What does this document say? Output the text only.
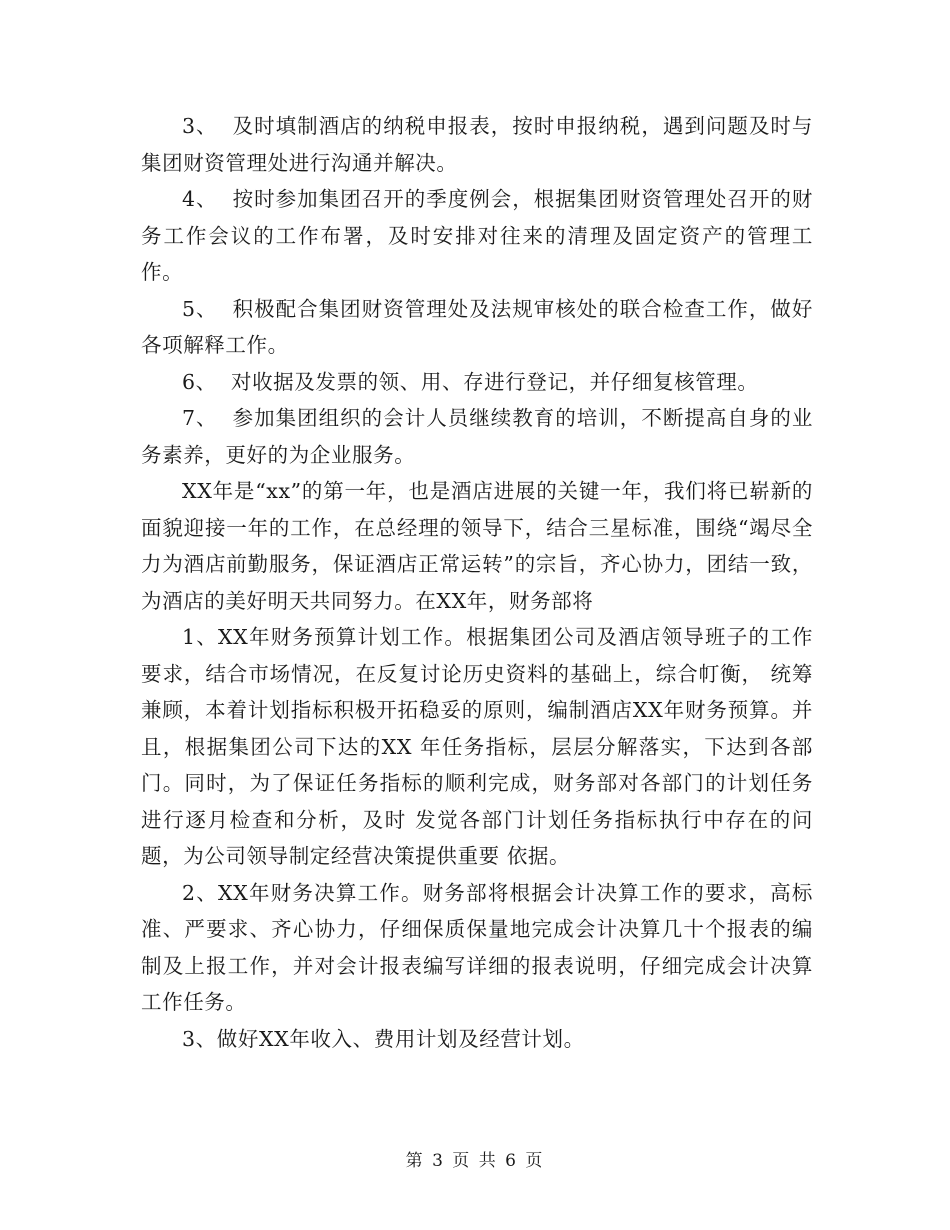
3、  及时填制酒店的纳税申报表，按时申报纳税，遇到问题及时与集团财资管理处进行沟通并解决。

4、  按时参加集团召开的季度例会，根据集团财资管理处召开的财务工作会议的工作布署，及时安排对往来的清理及固定资产的管理工作。

5、  积极配合集团财资管理处及法规审核处的联合检查工作，做好各项解释工作。

6、  对收据及发票的领、用、存进行登记，并仔细复核管理。

7、  参加集团组织的会计人员继续教育的培训，不断提高自身的业务素养，更好的为企业服务。

XX年是“xx”的第一年，也是酒店进展的关键一年，我们将已崭新的面貌迎接一年的工作，在总经理的领导下，结合三星标准，围绕“竭尽全力为酒店前勤服务，保证酒店正常运转”的宗旨，齐心协力，团结一致，为酒店的美好明天共同努力。在XX年，财务部将

1、XX年财务预算计划工作。根据集团公司及酒店领导班子的工作要求，结合市场情况，在反复讨论历史资料的基础上，综合帄衡， 统筹兼顾，本着计划指标积极开拓稳妥的原则，编制酒店XX年财务预算。并且，根据集团公司下达的XX 年任务指标，层层分解落实，下达到各部门。同时，为了保证任务指标的顺利完成，财务部对各部门的计划任务进行逐月检查和分析，及时 发觉各部门计划任务指标执行中存在的问题，为公司领导制定经营决策提供重要 依据。

2、XX年财务决算工作。财务部将根据会计决算工作的要求，高标准、严要求、齐心协力，仔细保质保量地完成会计决算几十个报表的编制及上报工作，并对会计报表编写详细的报表说明，仔细完成会计决算工作任务。

3、做好XX年收入、费用计划及经营计划。

第 3 页 共 6 页
